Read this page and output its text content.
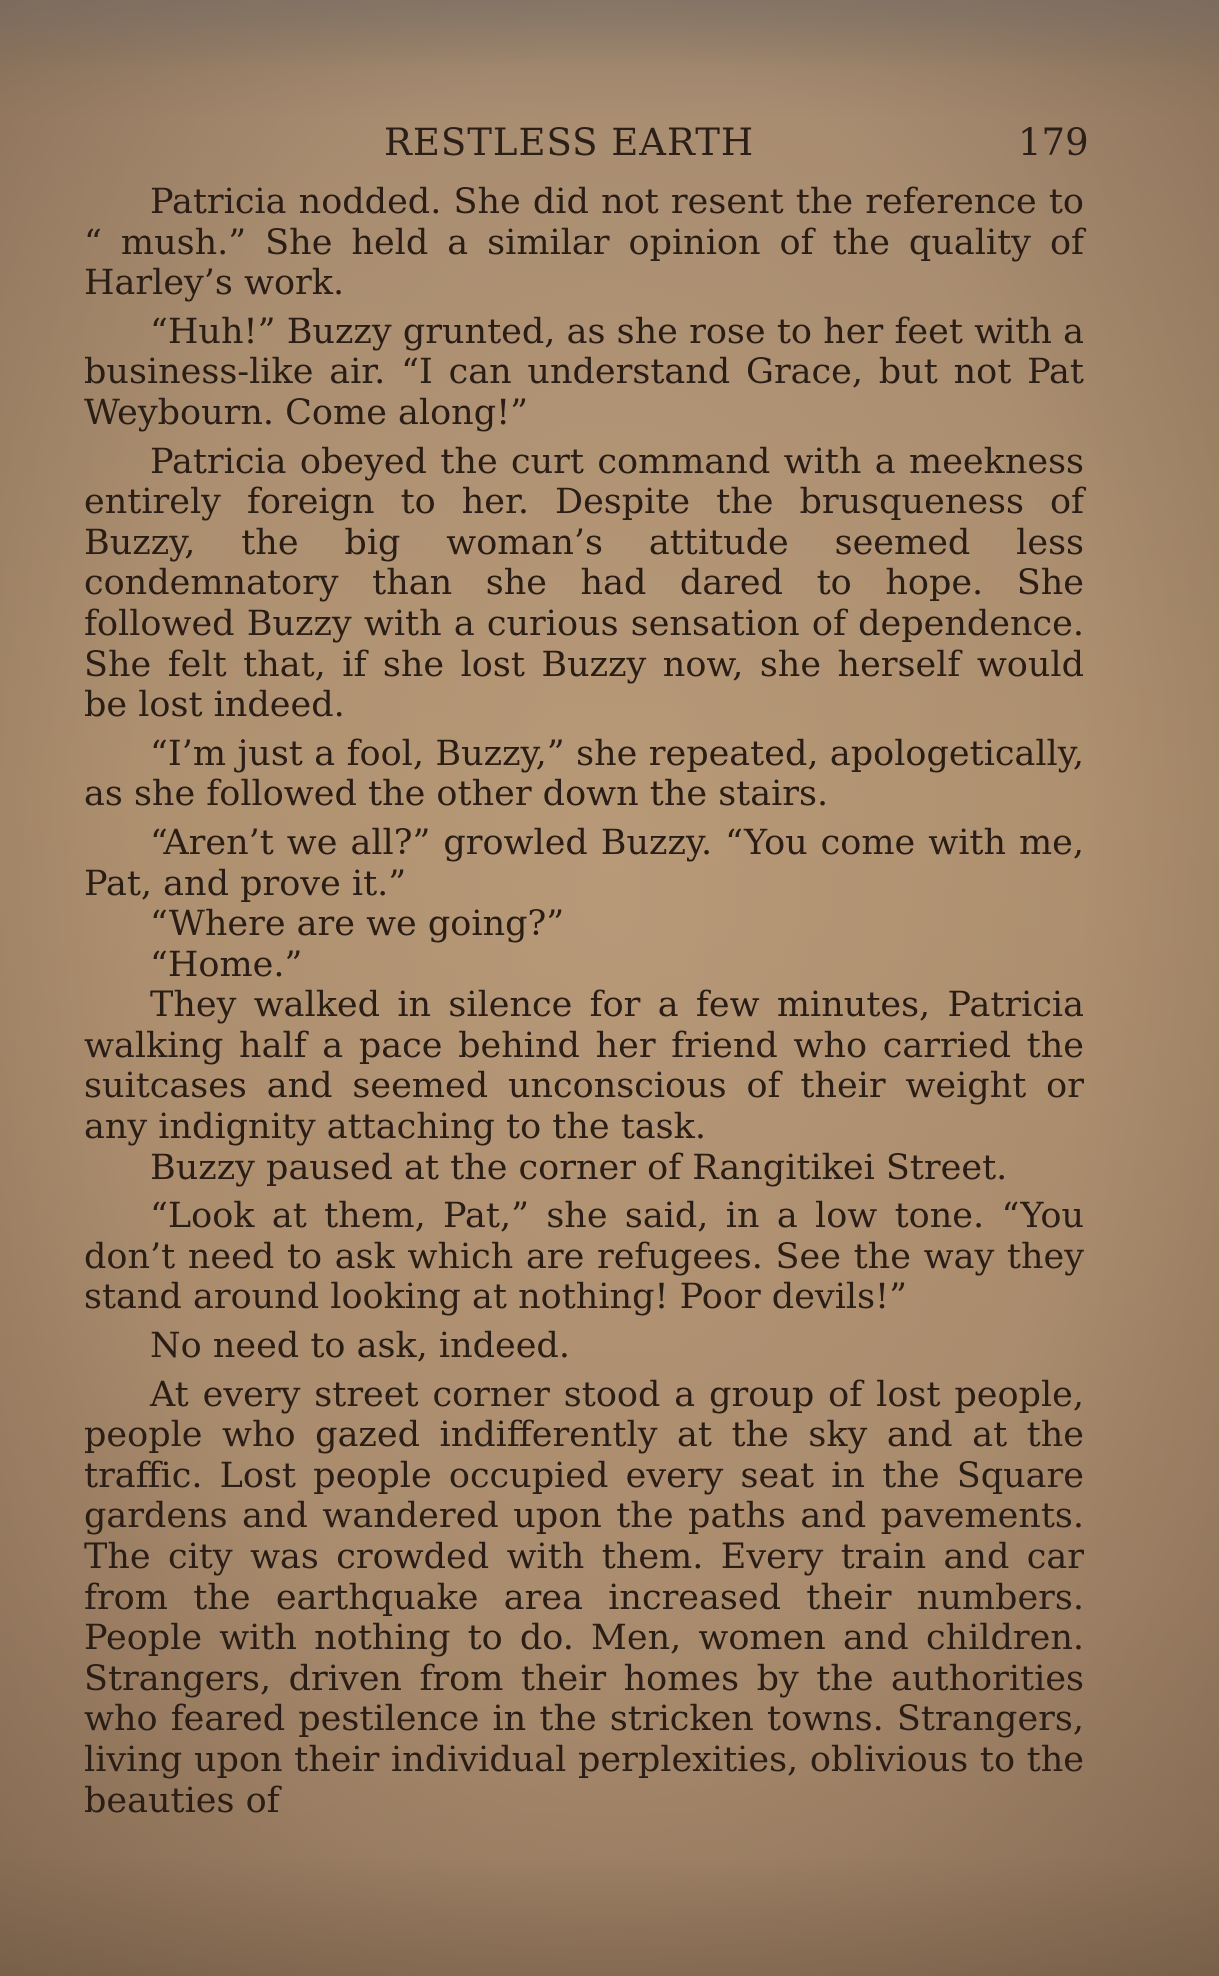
RESTLESS EARTH	179

Patricia nodded. She did not resent the reference to “ mush.” She held a similar opinion of the quality of Harley’s work.

“Huh!” Buzzy grunted, as she rose to her feet with a business-like air. “I can understand Grace, but not Pat Weybourn. Come along!”

Patricia obeyed the curt command with a meekness entirely foreign to her. Despite the brusqueness of Buzzy, the big woman’s attitude seemed less condemnatory than she had dared to hope. She followed Buzzy with a curious sensation of dependence. She felt that, if she lost Buzzy now, she herself would be lost indeed.

“I’m just a fool, Buzzy,” she repeated, apologetically, as she followed the other down the stairs.

“Aren’t we all?” growled Buzzy. “You come with me, Pat, and prove it.”

“Where are we going?”

“Home.”

They walked in silence for a few minutes, Patricia walking half a pace behind her friend who carried the suitcases and seemed unconscious of their weight or any indignity attaching to the task.

Buzzy paused at the corner of Rangitikei Street.

“Look at them, Pat,” she said, in a low tone. “You don’t need to ask which are refugees. See the way they stand around looking at nothing! Poor devils!”

No need to ask, indeed.

At every street corner stood a group of lost people, people who gazed indifferently at the sky and at the traffic. Lost people occupied every seat in the Square gardens and wandered upon the paths and pavements. The city was crowded with them. Every train and car from the earthquake area increased their numbers. People with nothing to do. Men, women and children. Strangers, driven from their homes by the authorities who feared pestilence in the stricken towns. Strangers, living upon their individual perplexities, oblivious to the beauties of
